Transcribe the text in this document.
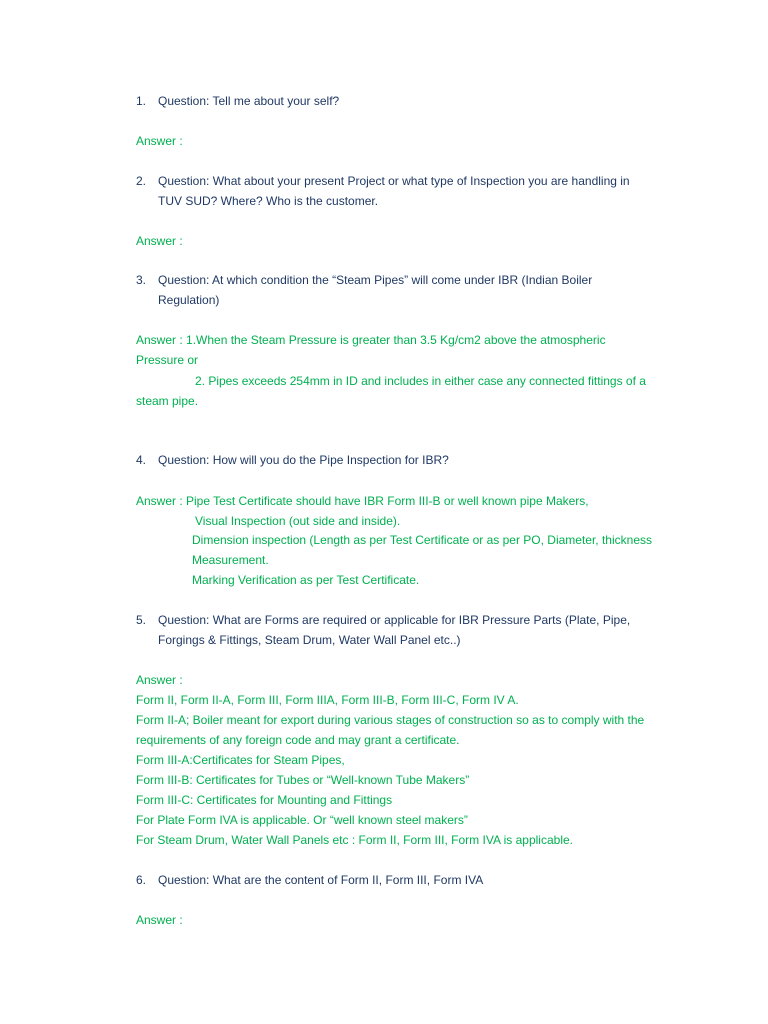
1. Question: Tell me about your self?
Answer :
2. Question: What about your present Project or what type of Inspection you are handling in
TUV SUD? Where? Who is the customer.
Answer :
3. Question: At which condition the “Steam Pipes” will come under IBR (Indian Boiler
Regulation)
Answer : 1.When the Steam Pressure is greater than 3.5 Kg/cm2 above the atmospheric
Pressure or
2. Pipes exceeds 254mm in ID and includes in either case any connected fittings of a
steam pipe.
4. Question: How will you do the Pipe Inspection for IBR?
Answer : Pipe Test Certificate should have IBR Form III-B or well known pipe Makers,
Visual Inspection (out side and inside).
Dimension inspection (Length as per Test Certificate or as per PO, Diameter, thickness
Measurement.
Marking Verification as per Test Certificate.
5. Question: What are Forms are required or applicable for IBR Pressure Parts (Plate, Pipe,
Forgings & Fittings, Steam Drum, Water Wall Panel etc..)
Answer :
Form II, Form II-A, Form III, Form IIIA, Form III-B, Form III-C, Form IV A.
Form II-A; Boiler meant for export during various stages of construction so as to comply with the
requirements of any foreign code and may grant a certificate.
Form III-A:Certificates for Steam Pipes,
Form III-B: Certificates for Tubes or “Well-known Tube Makers”
Form III-C: Certificates for Mounting and Fittings
For Plate Form IVA is applicable. Or “well known steel makers”
For Steam Drum, Water Wall Panels etc : Form II, Form III, Form IVA is applicable.
6. Question: What are the content of Form II, Form III, Form IVA
Answer :
